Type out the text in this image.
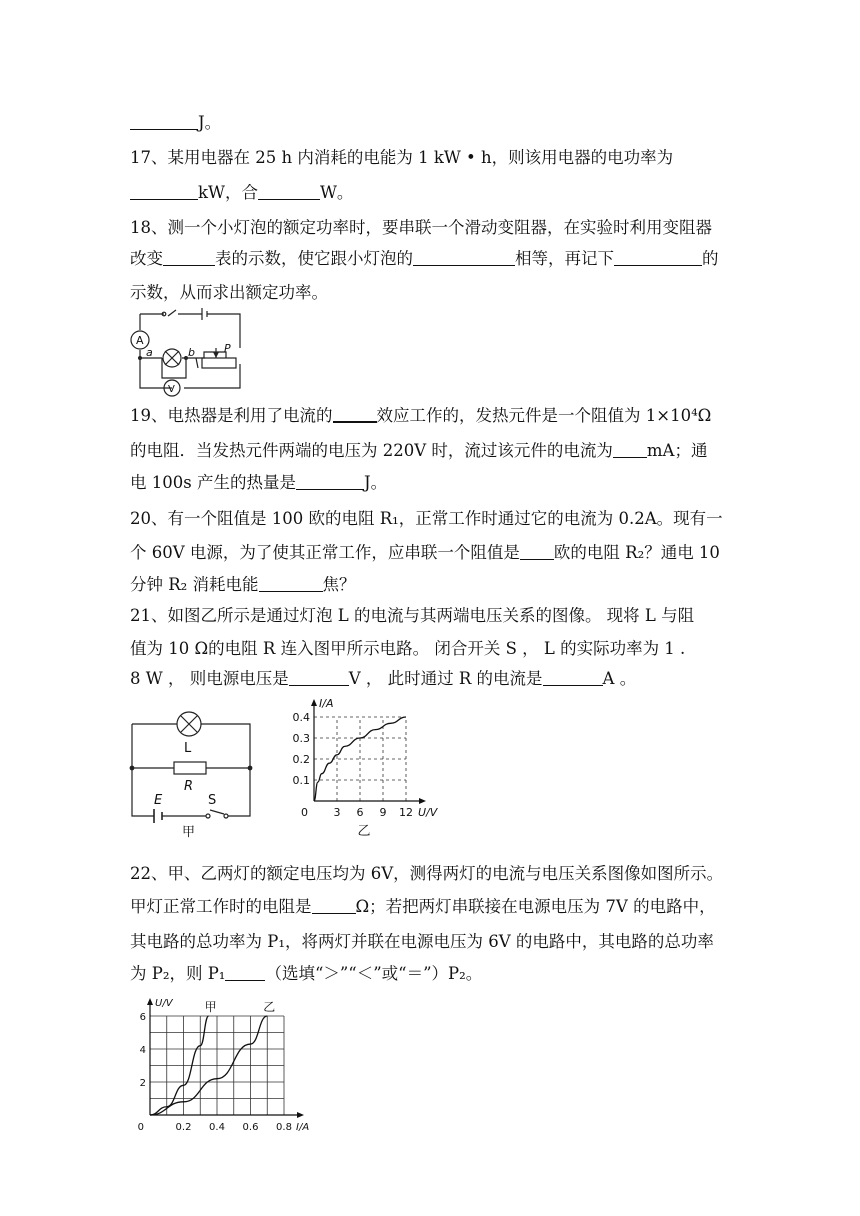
J。
17、某用电器在 25 h 内消耗的电能为 1 kW • h，则该用电器的电功率为
kW，合	W。
18、测一个小灯泡的额定功率时，要串联一个滑动变阻器，在实验时利用变阻器
改变	表的示数，使它跟小灯泡的	相等，再记下	的
示数，从而求出额定功率。
A
V
a	b	P
19、电热器是利用了电流的	效应工作的，发热元件是一个阻值为 1×10⁴Ω
的电阻．当发热元件两端的电压为 220V 时，流过该元件的电流为 mA；通
电 100s 产生的热量是	J。
20、有一个阻值是 100 欧的电阻 R₁，正常工作时通过它的电流为 0.2A。现有一
个 60V 电源，为了使其正常工作，应串联一个阻值是 欧的电阻 R₂？通电 10
分钟 R₂ 消耗电能	焦？
21、如图乙所示是通过灯泡 L 的电流与其两端电压关系的图像。 现将 L 与阻
值为 10 Ω的电阻 R 连入图甲所示电路。 闭合开关 S ， L 的实际功率为 1 .
8 W ， 则电源电压是	V ， 此时通过 R 的电流是	A 。
L
R
E	S
甲
3 6 9 12
0.1
0.2
0.3
0.4
0	U/V
I/A
乙
22、甲、乙两灯的额定电压均为 6V，测得两灯的电流与电压关系图像如图所示。
甲灯正常工作时的电阻是	Ω；若把两灯串联接在电源电压为 7V 的电路中，
其电路的总功率为 P₁，将两灯并联在电源电压为 6V 的电路中，其电路的总功率
为 P₂，则 P₁ （选填“＞”“＜”或“＝”）P₂。
0.2 0.4 0.6 0.8
2
4
6
0	I/A
U/V	甲	乙
